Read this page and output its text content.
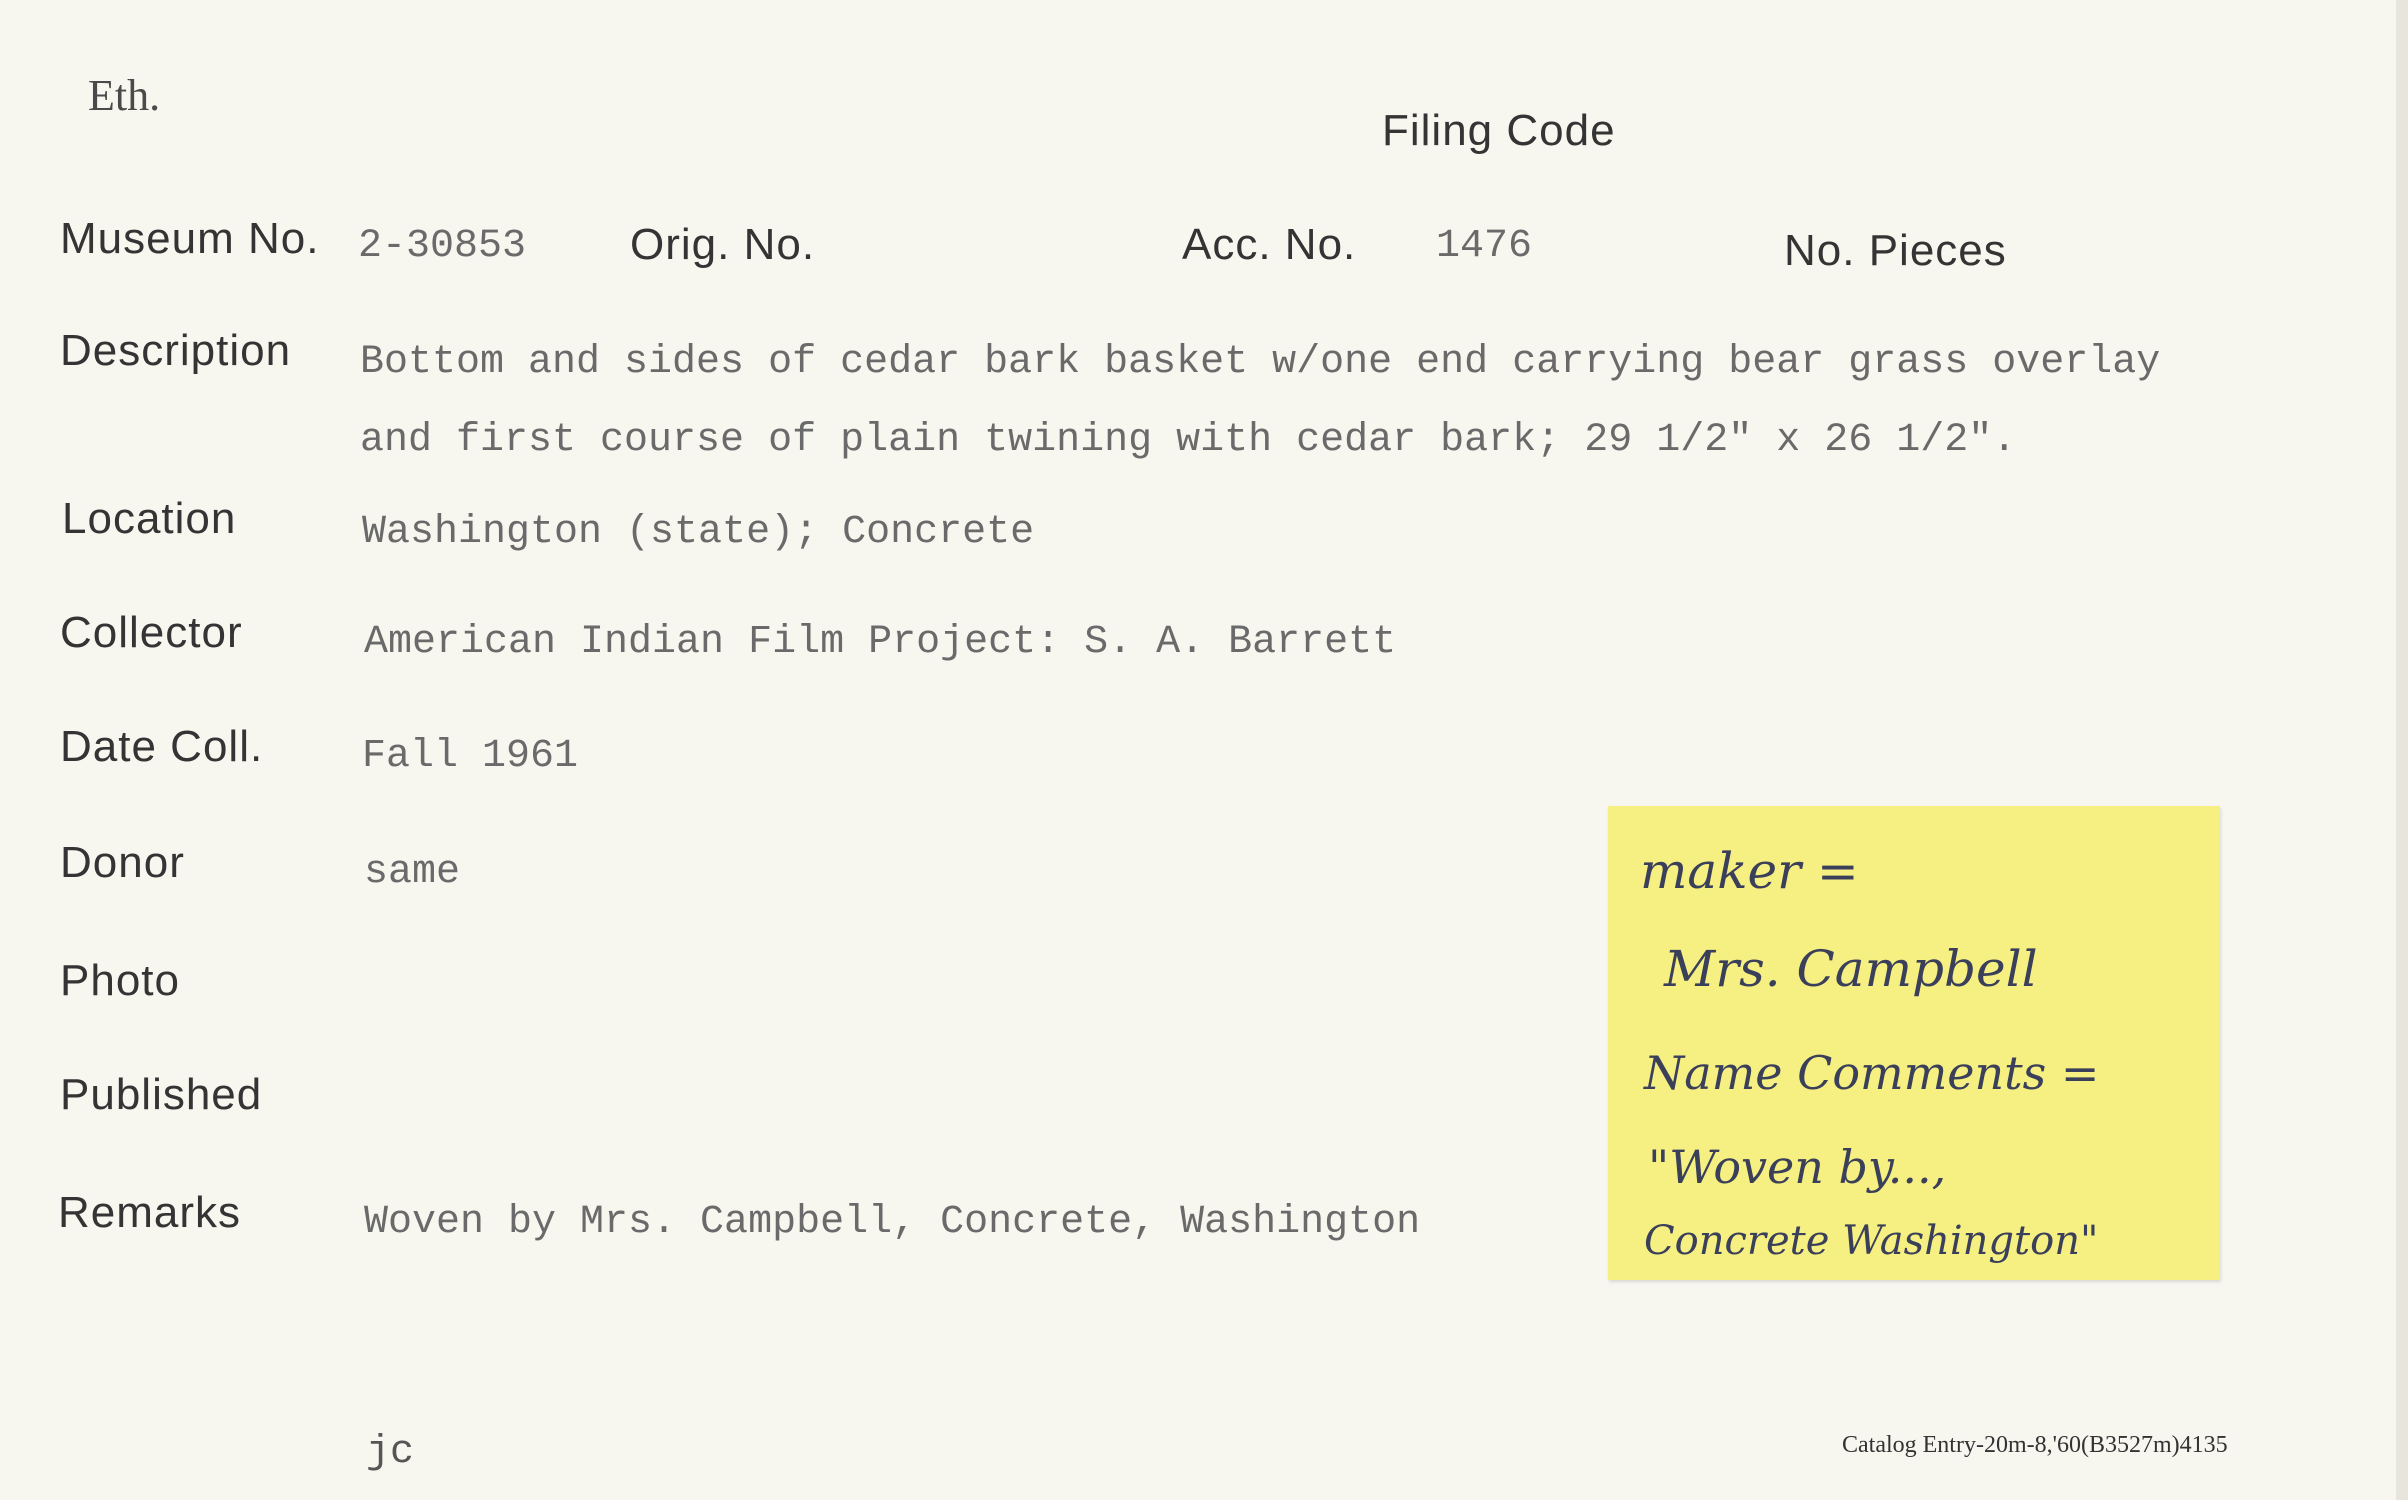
Eth.
Filing Code
Museum No. 2-30853 Orig. No.	Acc. No. 1476	No. Pieces
Description Bottom and sides of cedar bark basket w/one end carrying bear grass overlay
and first course of plain twining with cedar bark; 29 1/2" x 26 1/2".
Location	Washington (state); Concrete
Collector	American Indian Film Project: S. A. Barrett
Date Coll. Fall 1961
Donor	same
Photo
Published
Remarks	Woven by Mrs. Campbell, Concrete, Washington
maker =
Mrs. Campbell
Name Comments =
"Woven by...,
Concrete Washington"
jc	Catalog Entry-20m-8,'60(B3527m)4135
